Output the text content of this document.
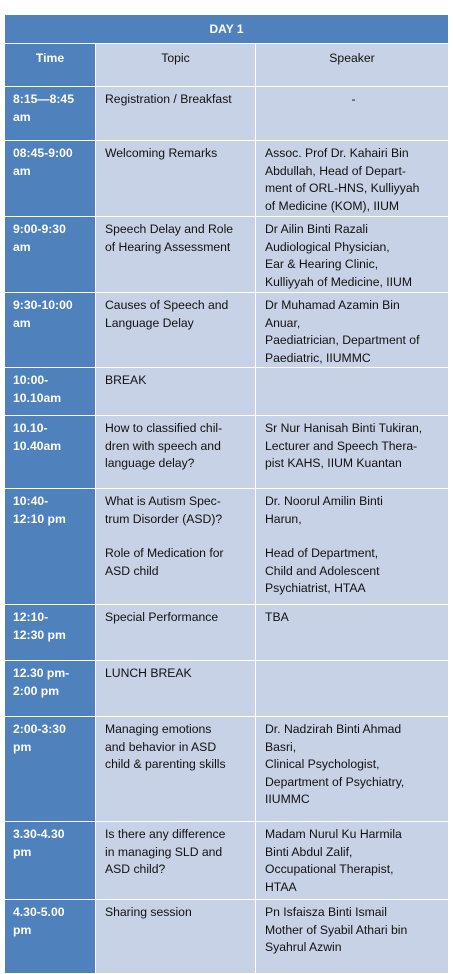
DAY 1		
Time	Topic	Speaker

8:15—8:45
am	Registration / Breakfast	-

08:45-9:00
am	Welcoming Remarks	Assoc. Prof Dr. Kahairi Bin
Abdullah, Head of Depart-
ment of ORL-HNS, Kulliyyah
of Medicine (KOM), IIUM

9:00-9:30
am	Speech Delay and Role
of Hearing Assessment	Dr Ailin Binti Razali
Audiological Physician,
Ear & Hearing Clinic,
Kulliyyah of Medicine, IIUM

9:30-10:00
am	Causes of Speech and
Language Delay	Dr Muhamad Azamin Bin
Anuar,
Paediatrician, Department of
Paediatric, IIUMMC

10:00-
10.10am	BREAK	

10.10-
10.40am	How to classified chil-
dren with speech and
language delay?	Sr Nur Hanisah Binti Tukiran,
Lecturer and Speech Thera-
pist KAHS, IIUM Kuantan

10:40-
12:10 pm	What is Autism Spec-
trum Disorder (ASD)?
Role of Medication for
ASD child	Dr. Noorul Amilin Binti
Harun,
Head of Department,
Child and Adolescent
Psychiatrist, HTAA

12:10-
12:30 pm	Special Performance	TBA

12.30 pm-
2:00 pm	LUNCH BREAK	

2:00-3:30
pm	Managing emotions
and behavior in ASD
child & parenting skills	Dr. Nadzirah Binti Ahmad
Basri,
Clinical Psychologist,
Department of Psychiatry,
IIUMMC

3.30-4.30
pm	Is there any difference
in managing SLD and
ASD child?	Madam Nurul Ku Harmila
Binti Abdul Zalif,
Occupational Therapist,
HTAA

4.30-5.00
pm	Sharing session	Pn Isfaisza Binti Ismail
Mother of Syabil Athari bin
Syahrul Azwin
